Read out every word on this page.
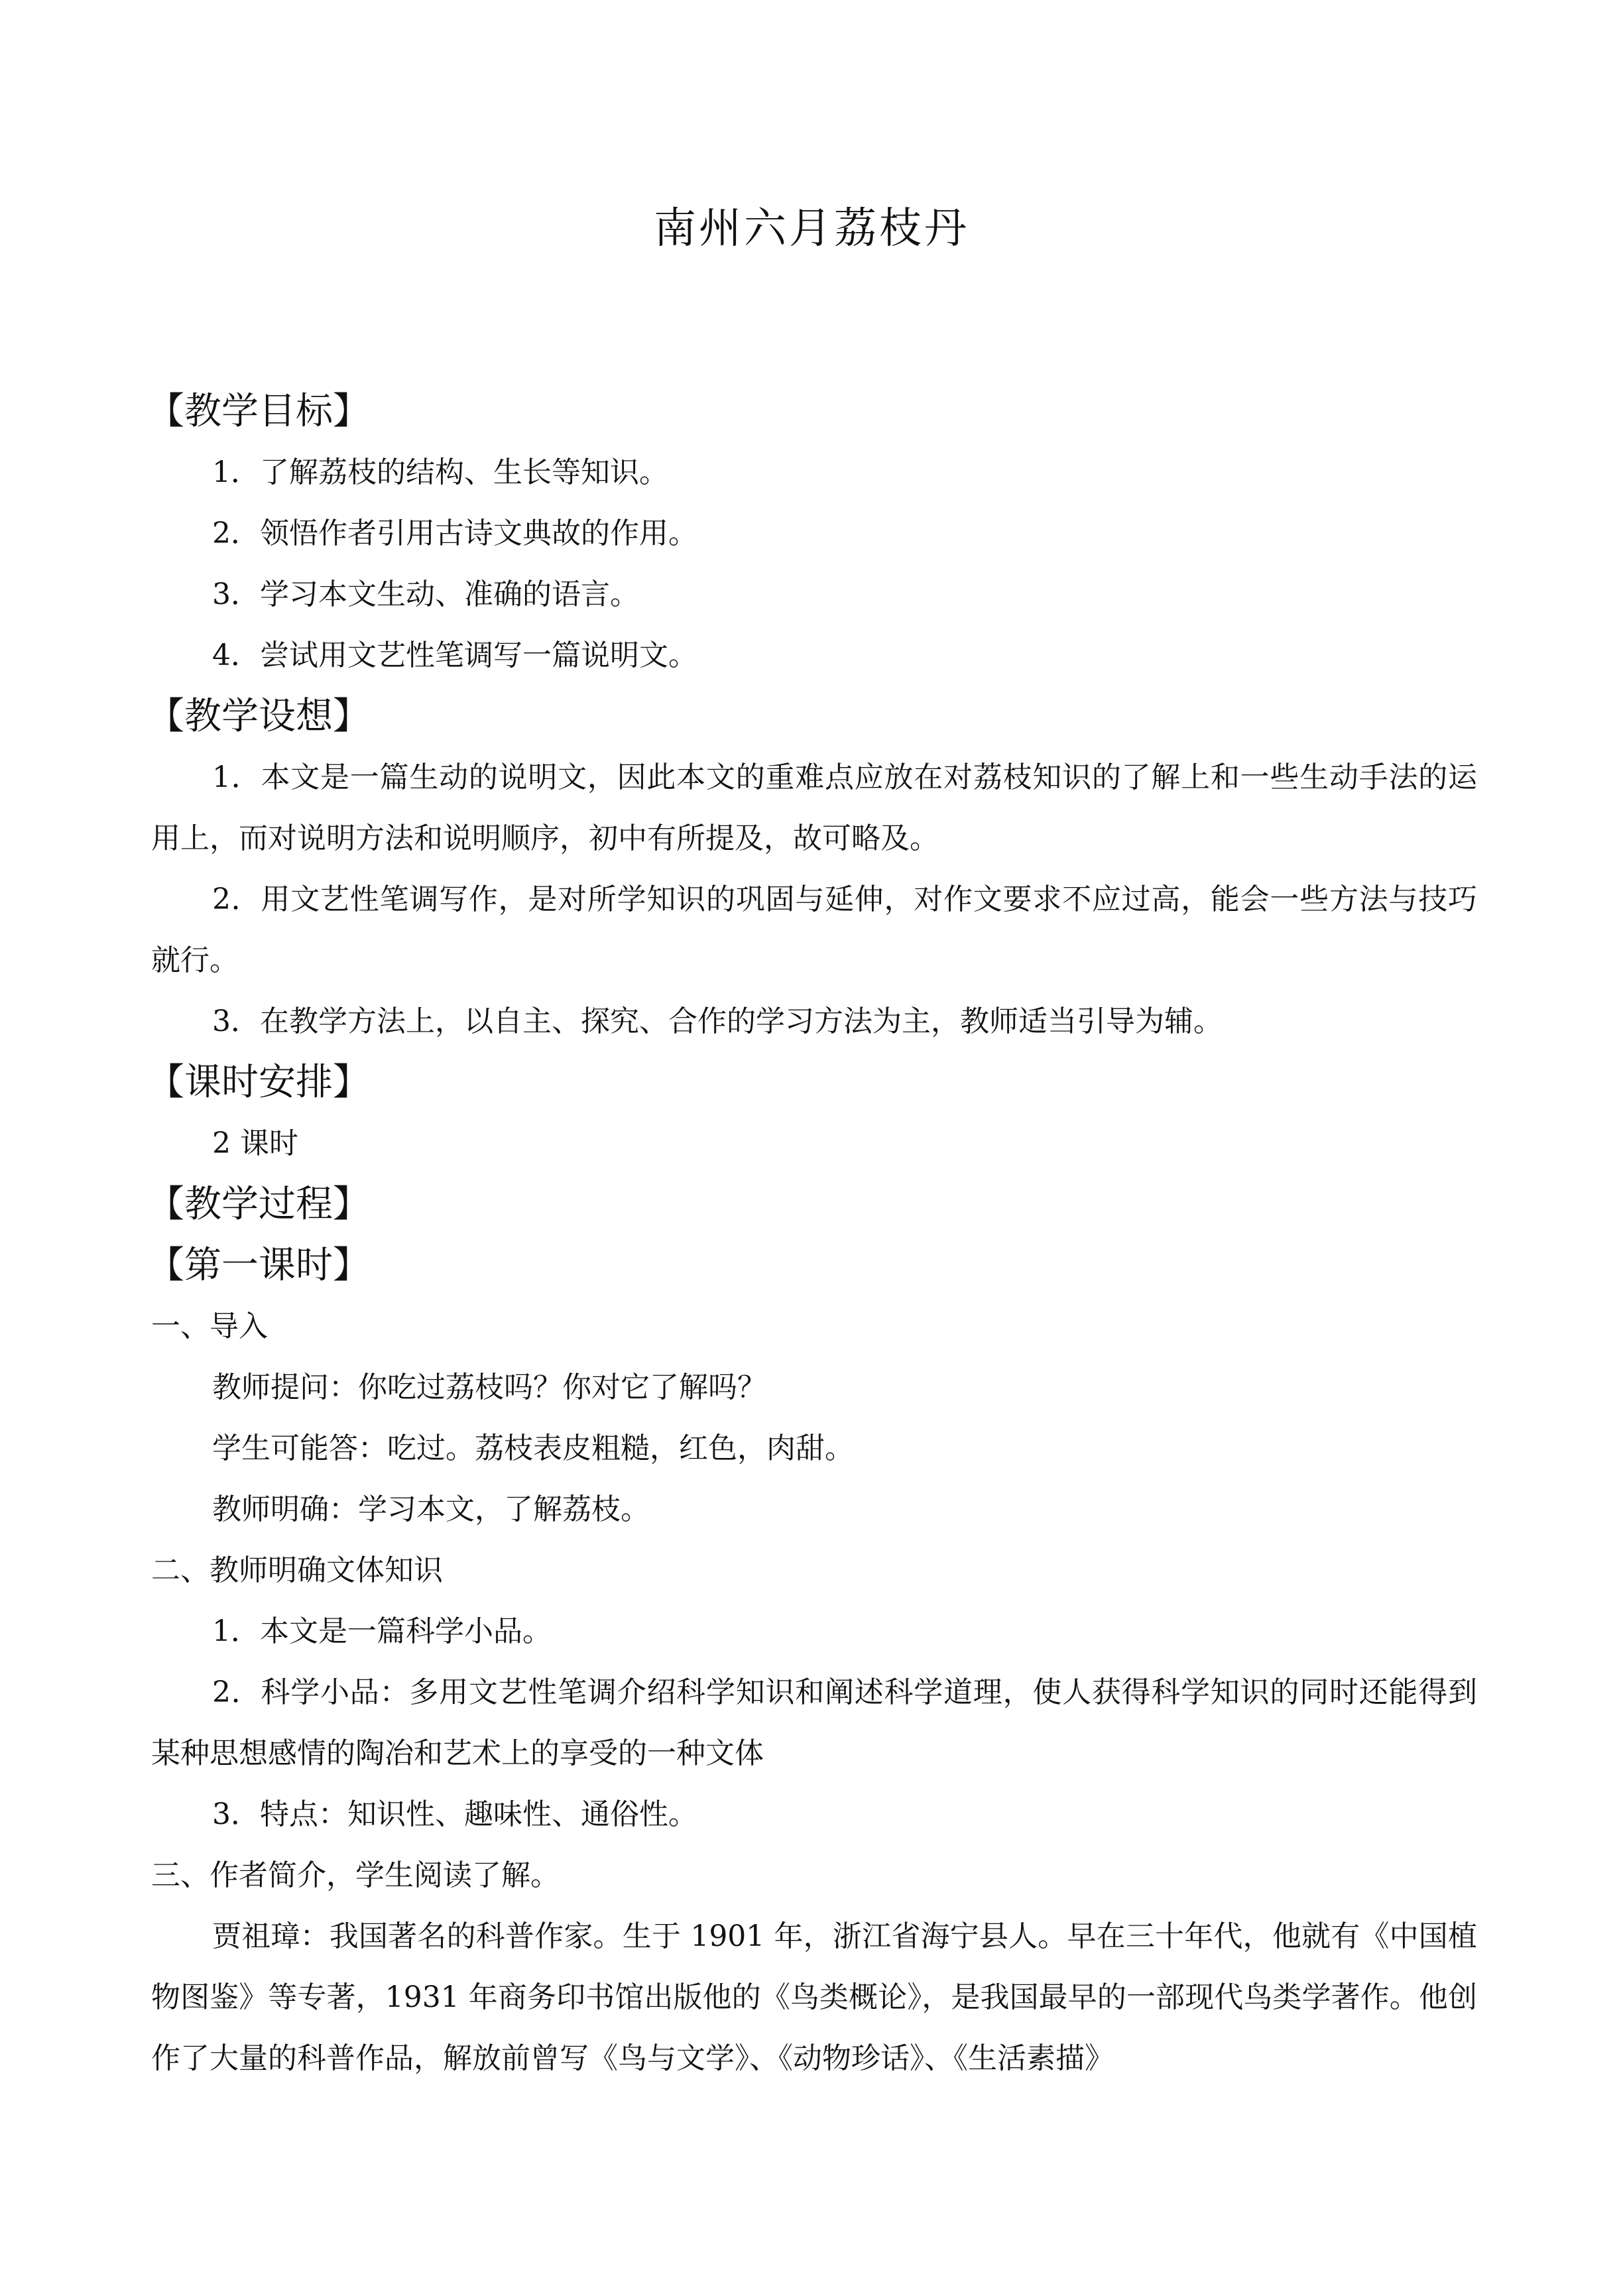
南州六月荔枝丹
【教学目标】
1．了解荔枝的结构、生长等知识。
2．领悟作者引用古诗文典故的作用。
3．学习本文生动、准确的语言。
4．尝试用文艺性笔调写一篇说明文。
【教学设想】
1．本文是一篇生动的说明文，因此本文的重难点应放在对荔枝知识的了解上和一些生动手法的运用上，而对说明方法和说明顺序，初中有所提及，故可略及。
2．用文艺性笔调写作，是对所学知识的巩固与延伸，对作文要求不应过高，能会一些方法与技巧就行。
3．在教学方法上，以自主、探究、合作的学习方法为主，教师适当引导为辅。
【课时安排】
2 课时
【教学过程】
【第一课时】
一、导入
教师提问：你吃过荔枝吗？你对它了解吗？
学生可能答：吃过。荔枝表皮粗糙，红色，肉甜。
教师明确：学习本文，了解荔枝。
二、教师明确文体知识
1．本文是一篇科学小品。
2．科学小品：多用文艺性笔调介绍科学知识和阐述科学道理，使人获得科学知识的同时还能得到某种思想感情的陶冶和艺术上的享受的一种文体
3．特点：知识性、趣味性、通俗性。
三、作者简介，学生阅读了解。
贾祖璋：我国著名的科普作家。生于 1901 年，浙江省海宁县人。早在三十年代，他就有《中国植物图鉴》等专著，1931 年商务印书馆出版他的《鸟类概论》，是我国最早的一部现代鸟类学著作。他创作了大量的科普作品，解放前曾写《鸟与文学》、《动物珍话》、《生活素描》
